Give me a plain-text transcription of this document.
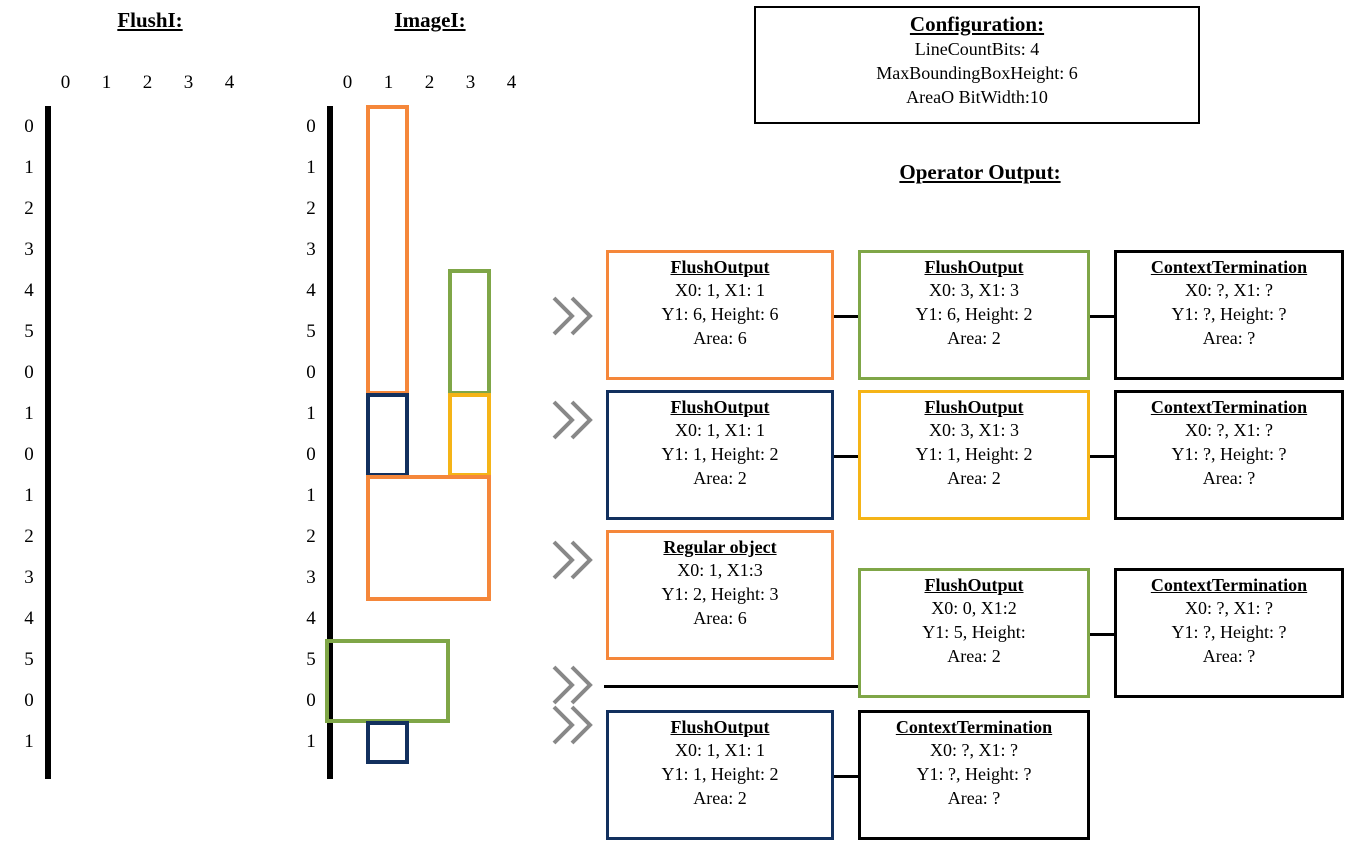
FlushI:	ImageI:	Configuration:
LineCountBits: 4
MaxBoundingBoxHeight: 6
AreaO BitWidth:10
Operator Output:
0	1	2	3	4
0
1
2
3
4
5
0
1
0
1
2
3
4
5
0
1

0	1	2	3	4
0
1
2
3
4
5
0
1
0
1
2
3
4
5
0
1

FlushOutput
X0: 1, X1: 1
Y1: 6, Height: 6
Area: 6
FlushOutput
X0: 3, X1: 3
Y1: 6, Height: 2
Area: 2
ContextTermination
X0: ?, X1: ?
Y1: ?, Height: ?
Area: ?
FlushOutput
X0: 1, X1: 1
Y1: 1, Height: 2
Area: 2
FlushOutput
X0: 3, X1: 3
Y1: 1, Height: 2
Area: 2
ContextTermination
X0: ?, X1: ?
Y1: ?, Height: ?
Area: ?
Regular object
X0: 1, X1:3
Y1: 2, Height: 3
Area: 6
FlushOutput
X0: 0, X1:2
Y1: 5, Height:
Area: 2
ContextTermination
X0: ?, X1: ?
Y1: ?, Height: ?
Area: ?
FlushOutput
X0: 1, X1: 1
Y1: 1, Height: 2
Area: 2
ContextTermination
X0: ?, X1: ?
Y1: ?, Height: ?
Area: ?
